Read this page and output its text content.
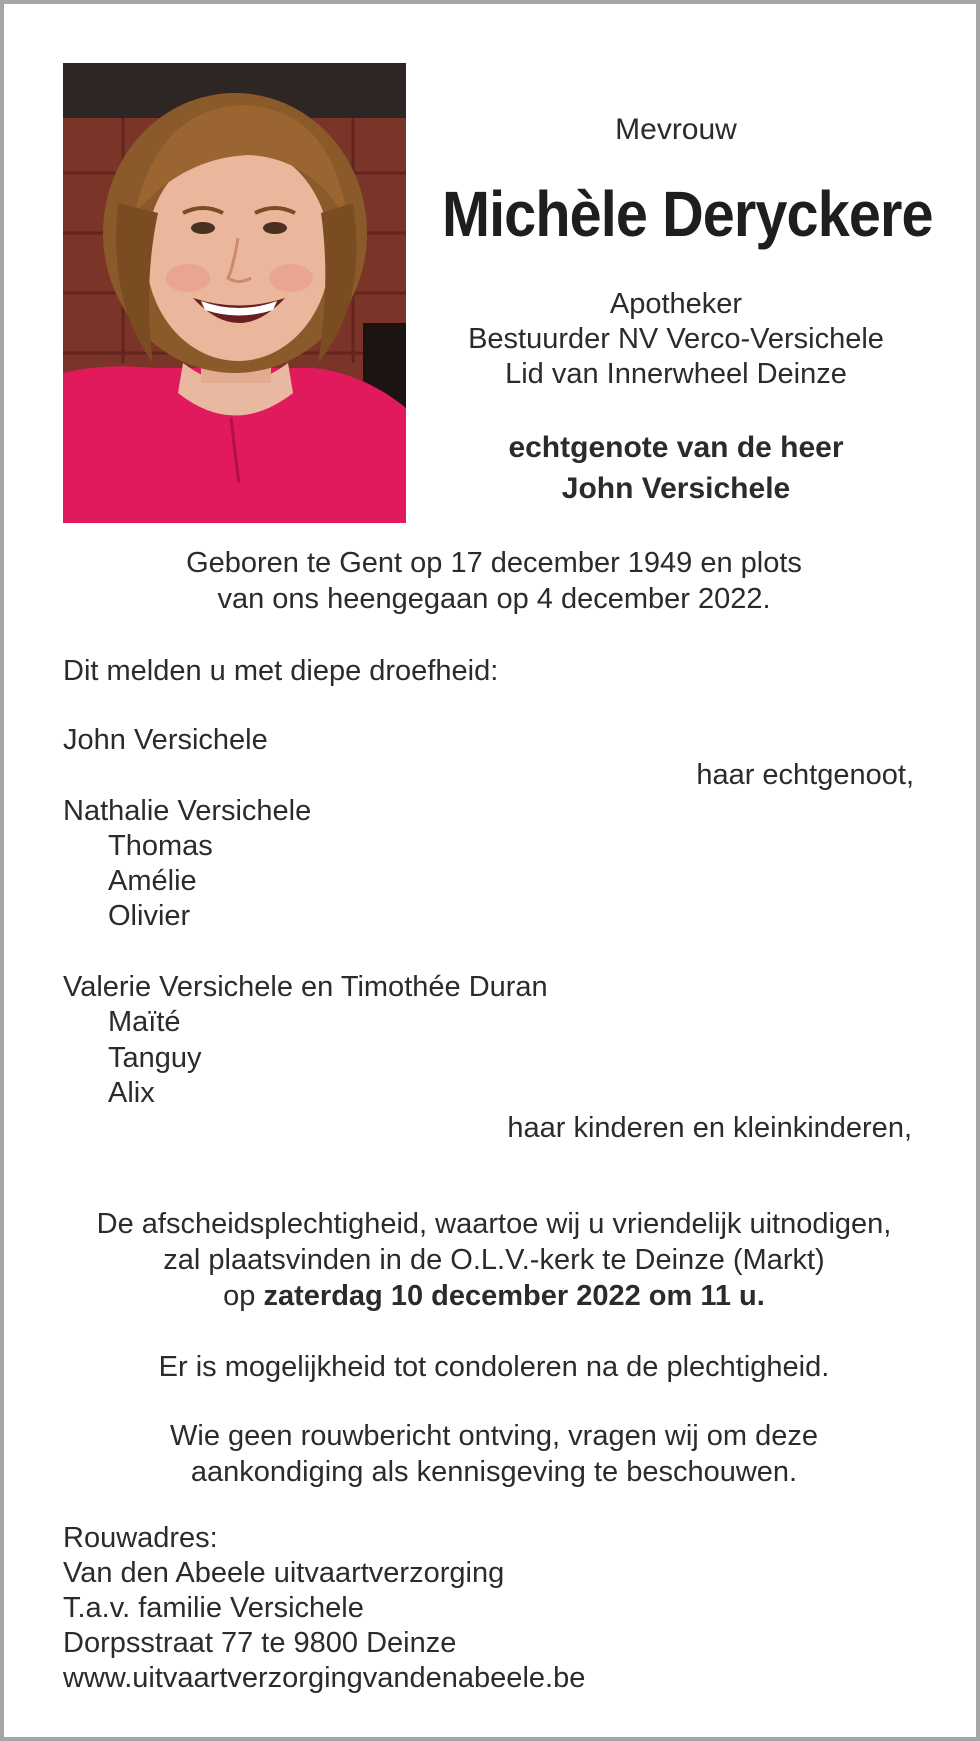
Mevrouw
Michèle Deryckere
Apotheker
Bestuurder NV Verco-Versichele
Lid van Innerwheel Deinze
echtgenote van de heer
John Versichele
Geboren te Gent op 17 december 1949 en plots
van ons heengegaan op 4 december 2022.
Dit melden u met diepe droefheid:
John Versichele
haar echtgenoot,
Nathalie Versichele
Thomas
Amélie
Olivier
Valerie Versichele en Timothée Duran
Maïté
Tanguy
Alix
haar kinderen en kleinkinderen,
De afscheidsplechtigheid, waartoe wij u vriendelijk uitnodigen,
zal plaatsvinden in de O.L.V.-kerk te Deinze (Markt)
op zaterdag 10 december 2022 om 11 u.
Er is mogelijkheid tot condoleren na de plechtigheid.
Wie geen rouwbericht ontving, vragen wij om deze
aankondiging als kennisgeving te beschouwen.
Rouwadres:
Van den Abeele uitvaartverzorging
T.a.v. familie Versichele
Dorpsstraat 77 te 9800 Deinze
www.uitvaartverzorgingvandenabeele.be
